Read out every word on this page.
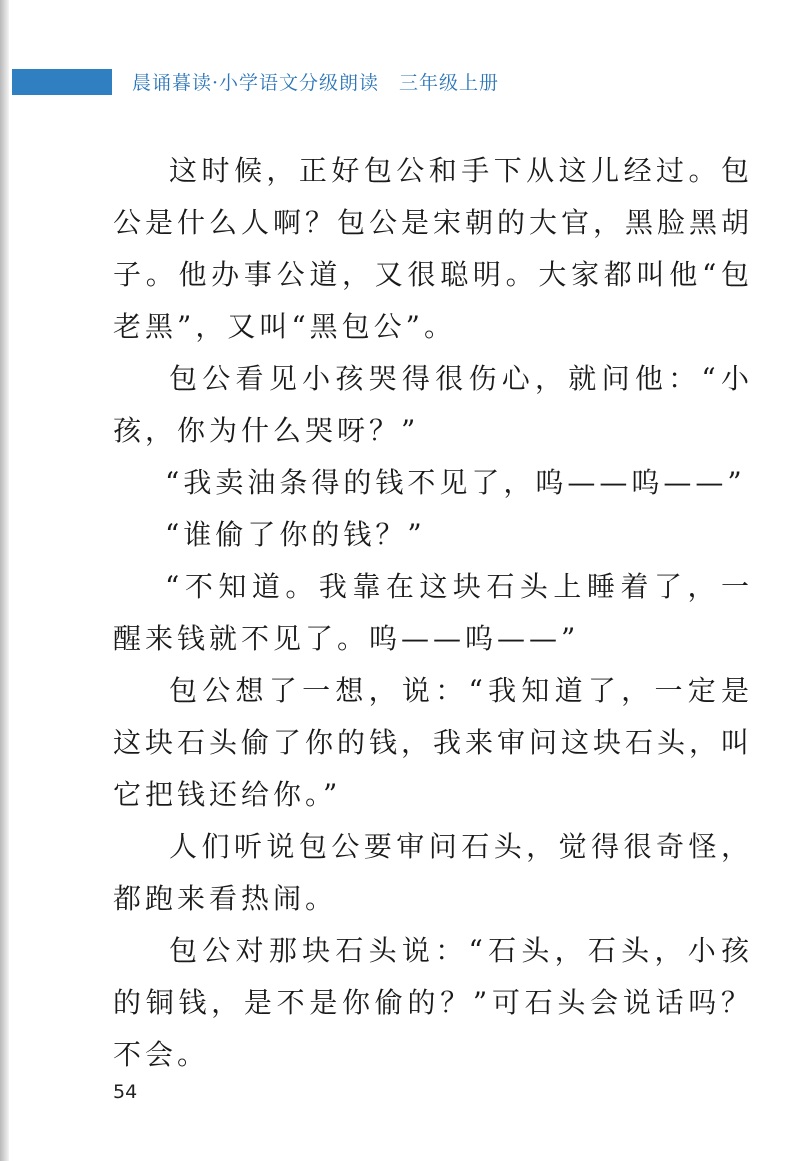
晨诵暮读·小学语文分级朗读　三年级上册

这时候，正好包公和手下从这儿经过。包公是什么人啊？包公是宋朝的大官，黑脸黑胡子。他办事公道，又很聪明。大家都叫他“包老黑”，又叫“黑包公”。

包公看见小孩哭得很伤心，就问他：“小孩，你为什么哭呀？”

“我卖油条得的钱不见了，呜——呜——”

“谁偷了你的钱？”

“不知道。我靠在这块石头上睡着了，一醒来钱就不见了。呜——呜——”

包公想了一想，说：“我知道了，一定是这块石头偷了你的钱，我来审问这块石头，叫它把钱还给你。”

人们听说包公要审问石头，觉得很奇怪，都跑来看热闹。

包公对那块石头说：“石头，石头，小孩的铜钱，是不是你偷的？”可石头会说话吗？不会。

54
